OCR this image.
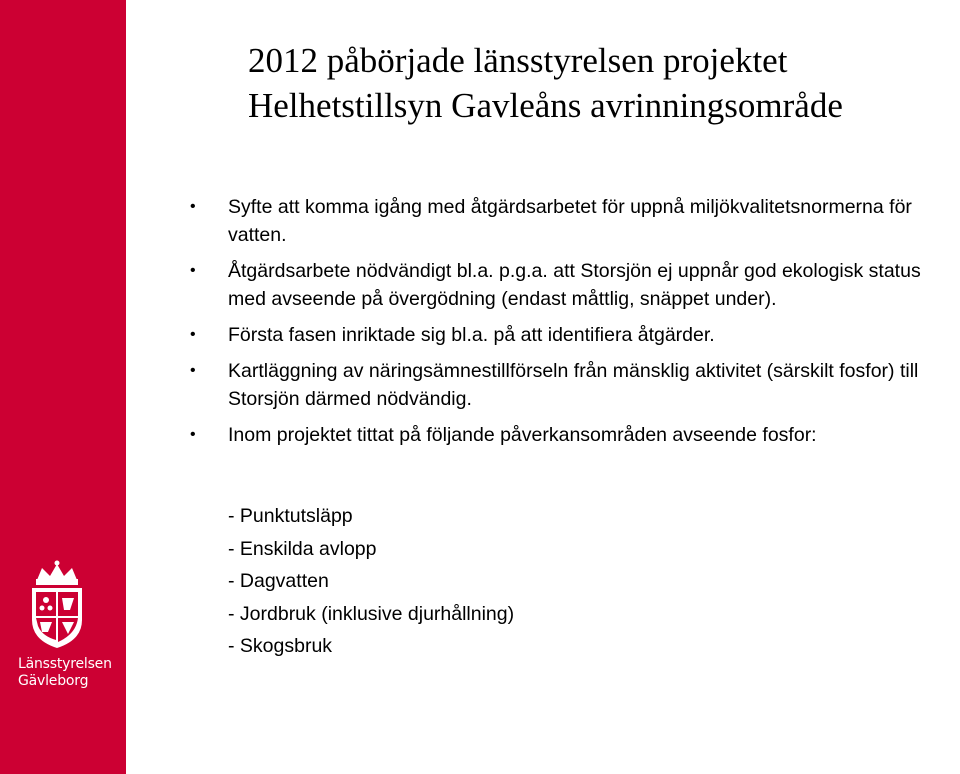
Länsstyrelsen
Gävleborg
2012 påbörjade länsstyrelsen projektet
Helhetstillsyn Gavleåns avrinningsområde
• Syfte att komma igång med åtgärdsarbetet för uppnå miljökvalitetsnormerna för vatten.
• Åtgärdsarbete nödvändigt bl.a. p.g.a. att Storsjön ej uppnår god ekologisk status med avseende på övergödning (endast måttlig, snäppet under).
• Första fasen inriktade sig bl.a. på att identifiera åtgärder.
• Kartläggning av näringsämnestillförseln från mänsklig aktivitet (särskilt fosfor) till Storsjön därmed nödvändig.
• Inom projektet tittat på följande påverkansområden avseende fosfor:
- Punktutsläpp
- Enskilda avlopp
- Dagvatten
- Jordbruk (inklusive djurhållning)
- Skogsbruk
